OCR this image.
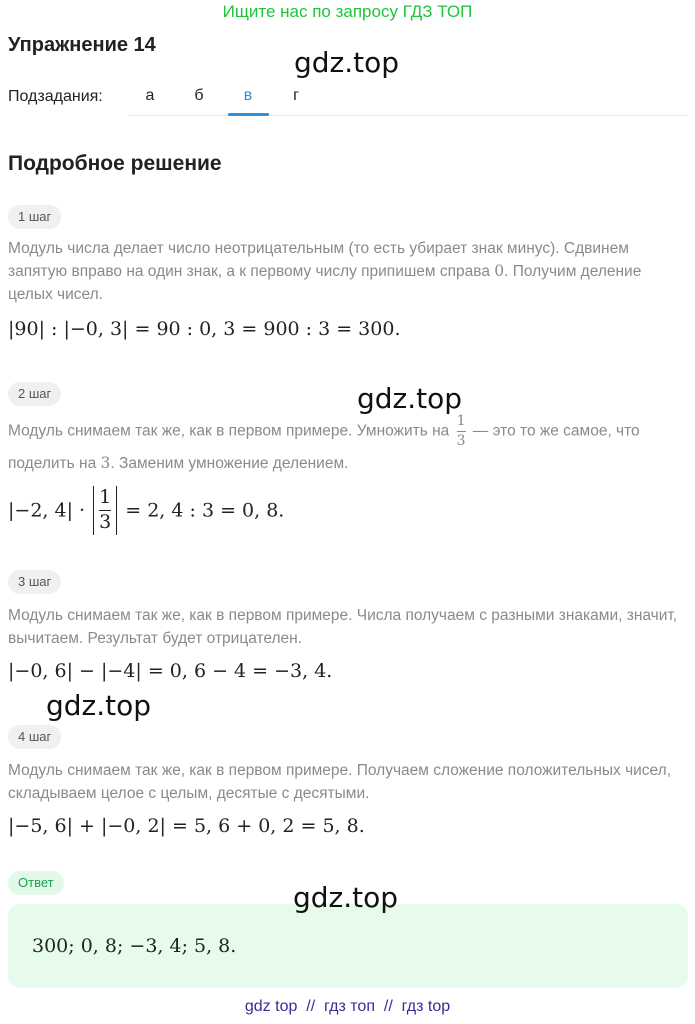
Ищите нас по запросу ГДЗ ТОП
Упражнение 14
gdz.top
Подзадания:	а	б	в	г
Подробное решение
1 шаг
Модуль числа делает число неотрицательным (то есть убирает знак минус). Сдвинем запятую вправо на один знак, а к первому числу припишем справа 0. Получим деление целых чисел.
|90| : |−0, 3| = 90 : 0, 3 = 900 : 3 = 300.
2 шаг	gdz.top
Модуль снимаем так же, как в первом примере. Умножить на $\frac{1}{3}$ — это то же самое, что
поделить на 3. Заменим умножение делением.
|−2, $4| \cdot \frac{1}{3} = 2$, 4 : 3 = 0, 8.
3 шаг
Модуль снимаем так же, как в первом примере. Числа получаем с разными знаками, значит, вычитаем. Результат будет отрицателен.
|−0, 6| − |−4| = 0, 6 − 4 = −3, 4.
gdz.top
4 шаг
Модуль снимаем так же, как в первом примере. Получаем сложение положительных чисел, складываем целое с целым, десятые с десятыми.
|−5, 6| + |−0, 2| = 5, 6 + 0, 2 = 5, 8.
Ответ
300; 0, 8; −3, 4; 5, 8.
gdz.top
gdz top  //  гдз топ  //  гдз top
